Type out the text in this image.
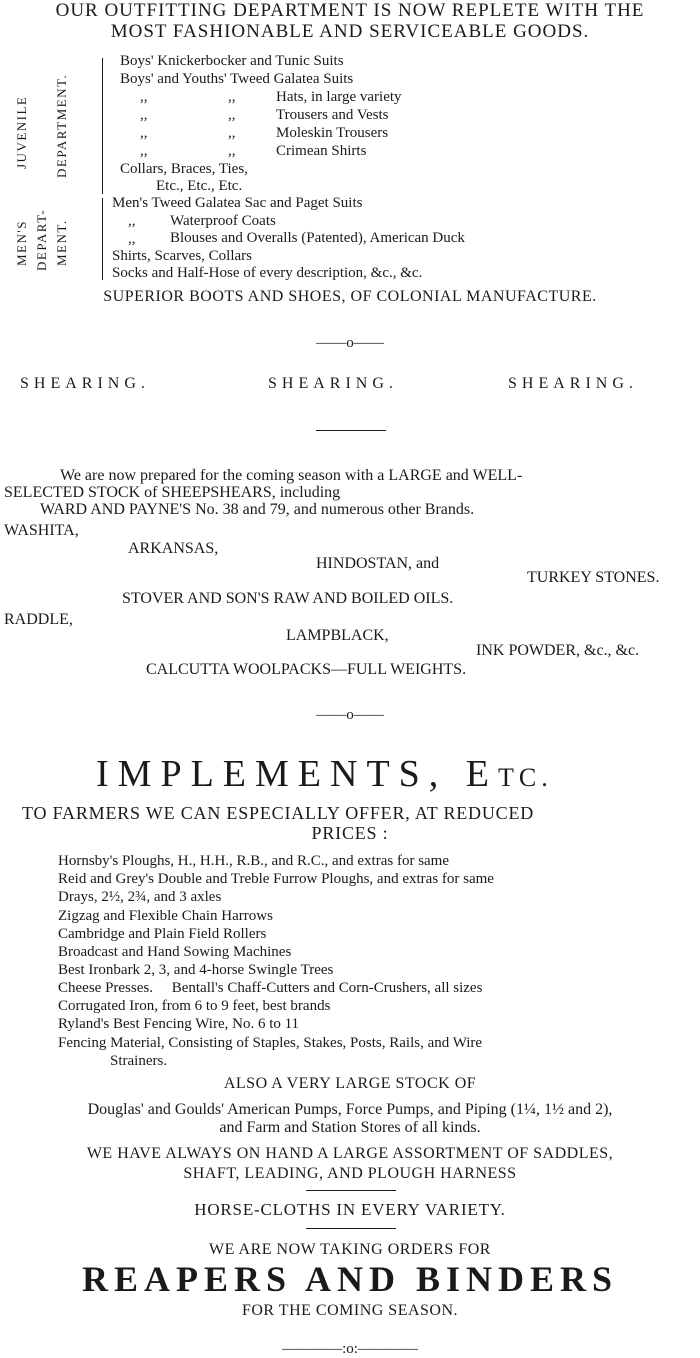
OUR OUTFITTING DEPARTMENT IS NOW REPLETE WITH THE
MOST FASHIONABLE AND SERVICEABLE GOODS.
JUVENILE DEPARTMENT.
MEN'S DEPART- MENT.
Boys' Knickerbocker and Tunic Suits
Boys' and Youths' Tweed Galatea Suits
,,	,,	Hats, in large variety
,,	,,	Trousers and Vests
,,	,,	Moleskin Trousers
,,	,,	Crimean Shirts
Collars, Braces, Ties,
Etc., Etc., Etc.
Men's Tweed Galatea Sac and Paget Suits
,, Waterproof Coats
,, Blouses and Overalls (Patented), American Duck
Shirts, Scarves, Collars
Socks and Half-Hose of every description, &c., &c.
SUPERIOR BOOTS AND SHOES, OF COLONIAL MANUFACTURE.
——o——
SHEARING.	SHEARING.	SHEARING.
We are now prepared for the coming season with a LARGE and WELL-
SELECTED STOCK of SHEEPSHEARS, including
WARD AND PAYNE'S No. 38 and 79, and numerous other Brands.
WASHITA,
ARKANSAS,
HINDOSTAN, and
TURKEY STONES.
STOVER AND SON'S RAW AND BOILED OILS.
RADDLE,
LAMPBLACK,
INK POWDER, &c., &c.
CALCUTTA WOOLPACKS—FULL WEIGHTS.
——o——
IMPLEMENTS, ETC.
TO FARMERS WE CAN ESPECIALLY OFFER, AT REDUCED
PRICES :
Hornsby's Ploughs, H., H.H., R.B., and R.C., and extras for same
Reid and Grey's Double and Treble Furrow Ploughs, and extras for same
Drays, 2½, 2¾, and 3 axles
Zigzag and Flexible Chain Harrows
Cambridge and Plain Field Rollers
Broadcast and Hand Sowing Machines
Best Ironbark 2, 3, and 4-horse Swingle Trees
Cheese Presses.     Bentall's Chaff-Cutters and Corn-Crushers, all sizes
Corrugated Iron, from 6 to 9 feet, best brands
Ryland's Best Fencing Wire, No. 6 to 11
Fencing Material, Consisting of Staples, Stakes, Posts, Rails, and Wire
Strainers.
ALSO A VERY LARGE STOCK OF
Douglas' and Goulds' American Pumps, Force Pumps, and Piping (1¼, 1½ and 2),
and Farm and Station Stores of all kinds.
WE HAVE ALWAYS ON HAND A LARGE ASSORTMENT OF SADDLES,
SHAFT, LEADING, AND PLOUGH HARNESS
HORSE-CLOTHS IN EVERY VARIETY.
WE ARE NOW TAKING ORDERS FOR
REAPERS AND BINDERS
FOR THE COMING SEASON.
————:o:————
